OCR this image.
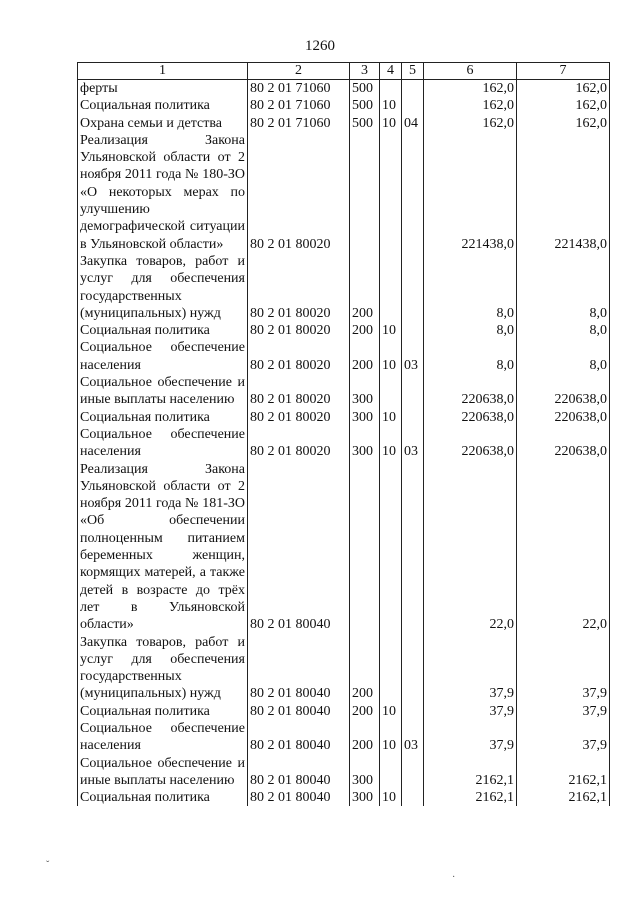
1260
1	2	3	4	5	6	7
ферты	80 2 01 71060	500			162,0	162,0
Социальная политика	80 2 01 71060	500	10		162,0	162,0
Охрана семьи и детства	80 2 01 71060	500	10	04	162,0	162,0
Реализация Закона Ульяновской области от 2 ноября 2011 года № 180-ЗО «О некоторых мерах по улучшению демографической ситуации в Ульяновской области»	80 2 01 80020				221438,0	221438,0
Закупка товаров, работ и услуг для обеспечения государственных (муниципальных) нужд	80 2 01 80020	200			8,0	8,0
Социальная политика	80 2 01 80020	200	10		8,0	8,0
Социальное обеспечение населения	80 2 01 80020	200	10	03	8,0	8,0
Социальное обеспечение и иные выплаты населению	80 2 01 80020	300			220638,0	220638,0
Социальная политика	80 2 01 80020	300	10		220638,0	220638,0
Социальное обеспечение населения	80 2 01 80020	300	10	03	220638,0	220638,0
Реализация Закона Ульяновской области от 2 ноября 2011 года № 181-ЗО «Об обеспечении полноценным питанием беременных женщин, кормящих матерей, а также детей в возрасте до трёх лет в Ульяновской области»	80 2 01 80040				22,0	22,0
Закупка товаров, работ и услуг для обеспечения государственных (муниципальных) нужд	80 2 01 80040	200			37,9	37,9
Социальная политика	80 2 01 80040	200	10		37,9	37,9
Социальное обеспечение населения	80 2 01 80040	200	10	03	37,9	37,9
Социальное обеспечение и иные выплаты населению	80 2 01 80040	300			2162,1	2162,1
Социальная политика	80 2 01 80040	300	10		2162,1	2162,1
ˇ
·
